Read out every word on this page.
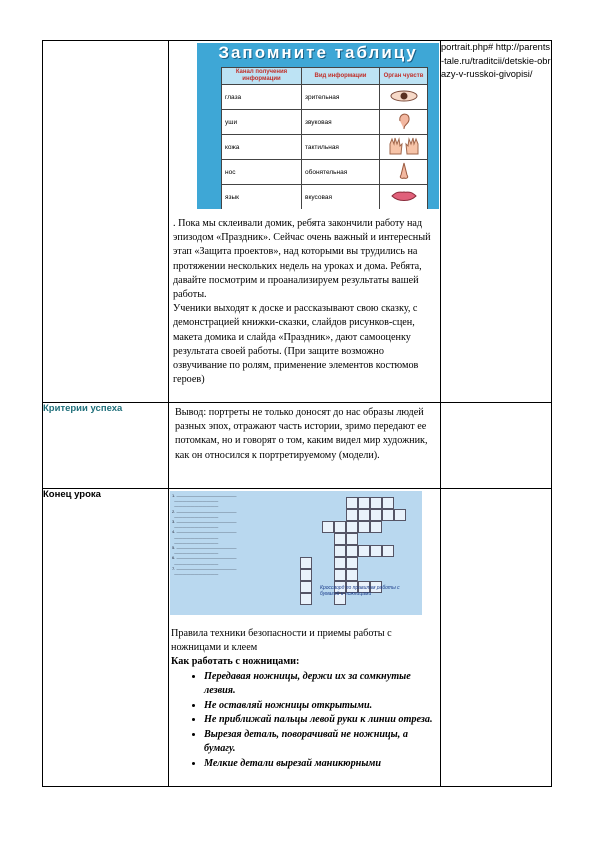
Запомните таблицу
Канал получения информации	Вид информации	Орган чувств
глаза	зрительная	
уши	звуковая	
кожа	тактильная	
нос	обонятельная	
язык	вкусовая	
. Пока мы склеивали домик, ребята закончили работу над эпизодом «Праздник». Сейчас очень важный и интересный этап «Защита проектов», над которыми вы трудились на протяжении нескольких недель на уроках и дома. Ребята, давайте посмотрим и проанализируем результаты вашей работы.
Ученики выходят к доске и рассказывают свою сказку, с демонстрацией книжки-сказки, слайдов рисунков-сцен, макета домика и слайда «Праздник», дают самооценку результата своей работы. (При защите возможно озвучивание по ролям, применение элементов костюмов героев)
	portrait.php# http://parents-tale.ru/traditcii/detskie-obrazy-v-russkoi-givopisi/
Критерии успеха	Вывод: портреты не только доносят до нас образы людей разных эпох, отражают часть истории, зримо передают ее потомкам, но и говорят о том, каким видел мир художник, как он относился к портретируемому (модели).	
Конец урока	1. ———————————————
———————————
———————————
2. ———————————————
———————————
3. ———————————————
———————————
4. ———————————————
———————————
———————————
5. ———————————————
———————————
6. ———————————————
———————————
7. ———————————————
———————————
Кроссворд по правилам работы с бумагой и ножницами
Правила техники безопасности и приемы работы с ножницами и клеем
Как работать с ножницами:
• Передавая ножницы, держи их за сомкнутые лезвия.
• Не оставляй ножницы открытыми.
• Не приближай пальцы левой руки к линии отреза.
• Вырезая деталь, поворачивай не ножницы, а бумагу.
• Мелкие детали вырезай маникюрными
